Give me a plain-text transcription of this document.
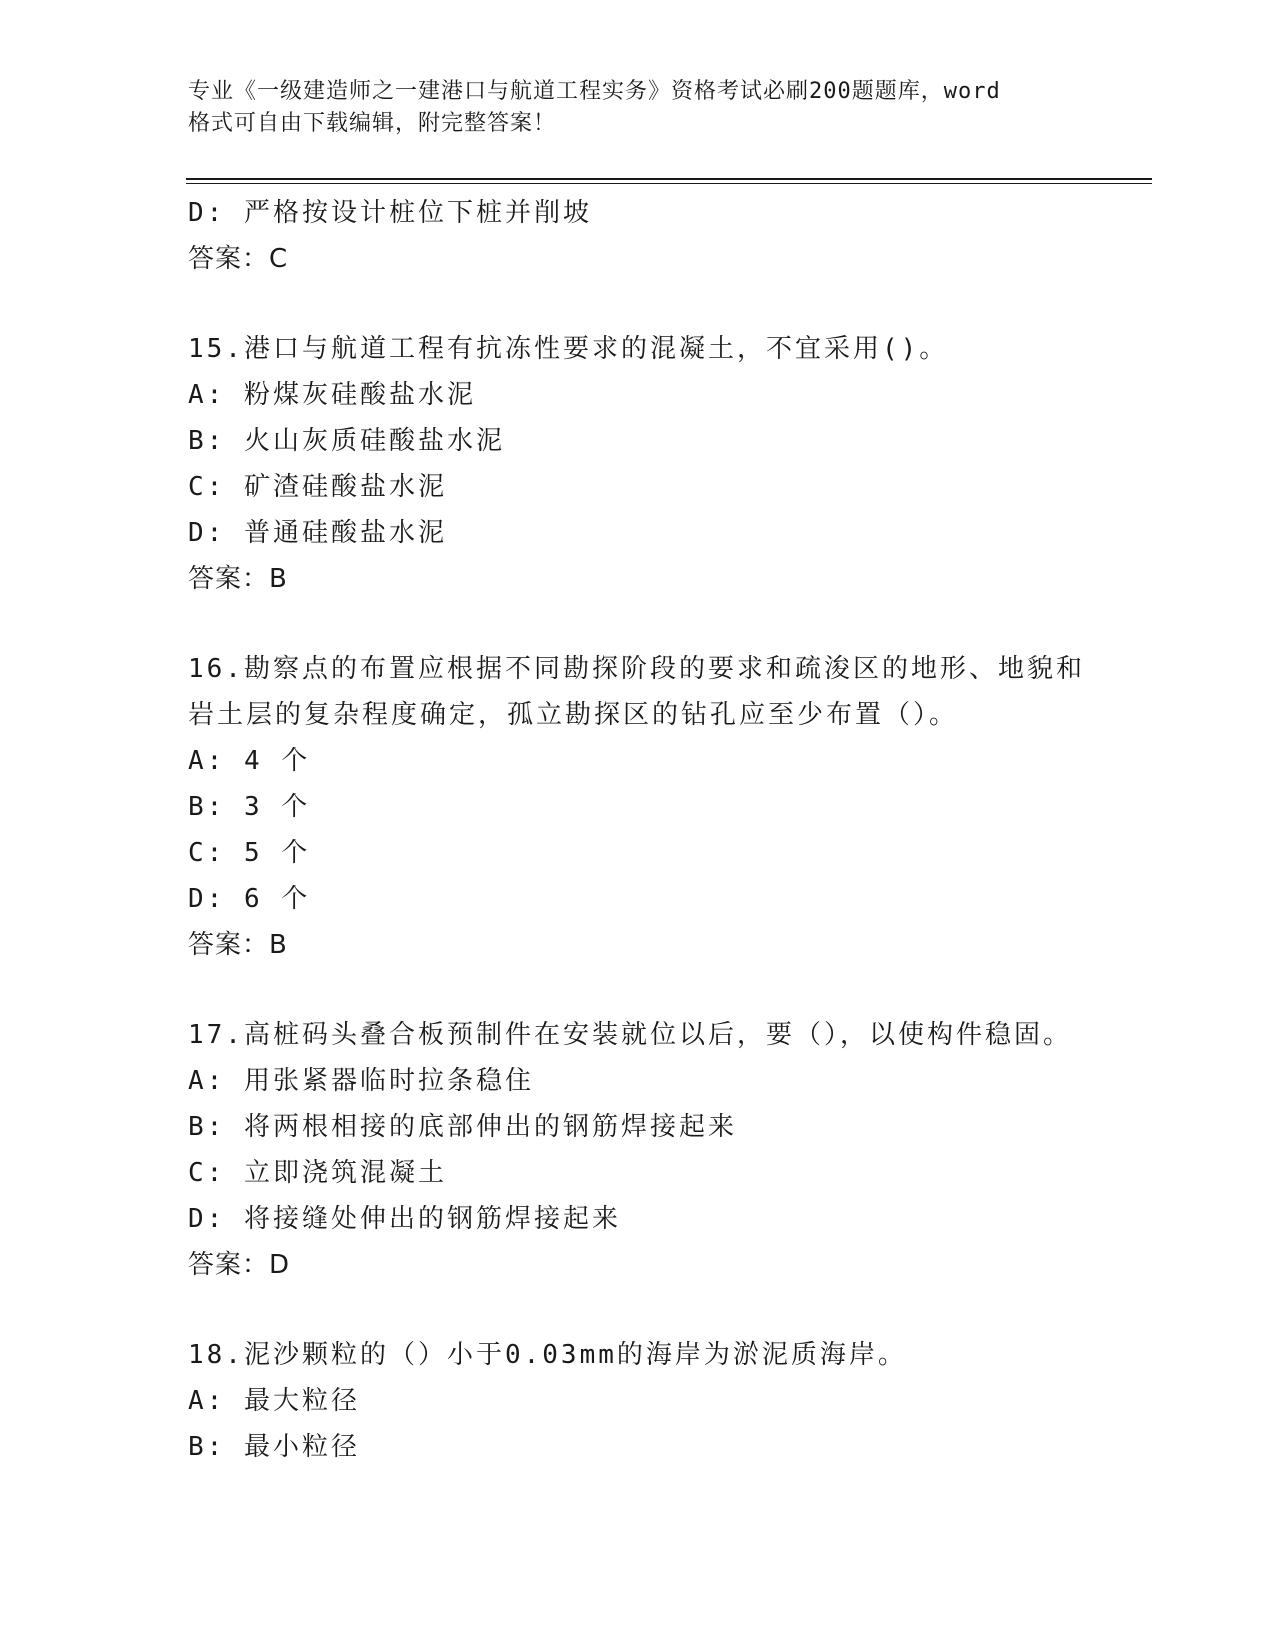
专业《一级建造师之一建港口与航道工程实务》资格考试必刷200题题库，word
格式可自由下载编辑，附完整答案！
D: 严格按设计桩位下桩并削坡
答案：C
15.港口与航道工程有抗冻性要求的混凝土，不宜采用()。
A: 粉煤灰硅酸盐水泥
B: 火山灰质硅酸盐水泥
C: 矿渣硅酸盐水泥
D: 普通硅酸盐水泥
答案：B
16.勘察点的布置应根据不同勘探阶段的要求和疏浚区的地形、地貌和
岩土层的复杂程度确定，孤立勘探区的钻孔应至少布置（）。
A: 4 个
B: 3 个
C: 5 个
D: 6 个
答案：B
17.高桩码头叠合板预制件在安装就位以后，要（），以使构件稳固。
A: 用张紧器临时拉条稳住
B: 将两根相接的底部伸出的钢筋焊接起来
C: 立即浇筑混凝土
D: 将接缝处伸出的钢筋焊接起来
答案：D
18.泥沙颗粒的（）小于0.03mm的海岸为淤泥质海岸。
A: 最大粒径
B: 最小粒径
